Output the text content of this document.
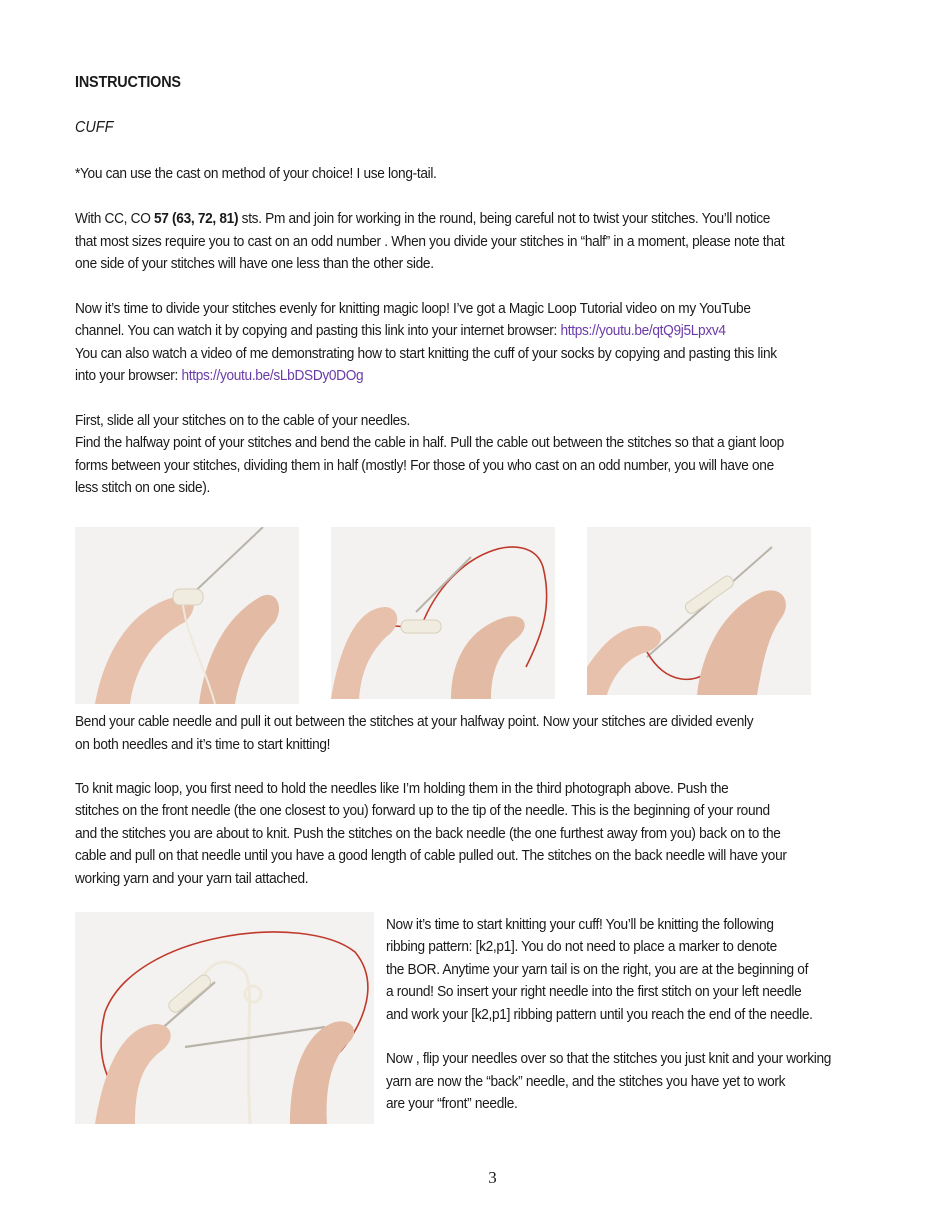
INSTRUCTIONS
CUFF
*You can use the cast on method of your choice! I use long-tail.
With CC, CO 57 (63, 72, 81) sts. Pm and join for working in the round, being careful not to twist your stitches. You’ll notice
that most sizes require you to cast on an odd number . When you divide your stitches in “half” in a moment, please note that
one side of your stitches will have one less than the other side.
Now it’s time to divide your stitches evenly for knitting magic loop! I’ve got a Magic Loop Tutorial video on my YouTube
channel. You can watch it by copying and pasting this link into your internet browser: https://youtu.be/qtQ9j5Lpxv4
You can also watch a video of me demonstrating how to start knitting the cuff of your socks by copying and pasting this link
into your browser: https://youtu.be/sLbDSDy0DOg
First, slide all your stitches on to the cable of your needles.
Find the halfway point of your stitches and bend the cable in half. Pull the cable out between the stitches so that a giant loop
forms between your stitches, dividing them in half (mostly! For those of you who cast on an odd number, you will have one
less stitch on one side).
Bend your cable needle and pull it out between the stitches at your halfway point. Now your stitches are divided evenly
on both needles and it’s time to start knitting!
To knit magic loop, you first need to hold the needles like I’m holding them in the third photograph above. Push the
stitches on the front needle (the one closest to you) forward up to the tip of the needle. This is the beginning of your round
and the stitches you are about to knit. Push the stitches on the back needle (the one furthest away from you) back on to the
cable and pull on that needle until you have a good length of cable pulled out. The stitches on the back needle will have your
working yarn and your yarn tail attached.
Now it’s time to start knitting your cuff! You’ll be knitting the following
ribbing pattern: [k2,p1]. You do not need to place a marker to denote
the BOR. Anytime your yarn tail is on the right, you are at the beginning of
a round! So insert your right needle into the first stitch on your left needle
and work your [k2,p1] ribbing pattern until you reach the end of the needle.
Now , flip your needles over so that the stitches you just knit and your working
yarn are now the “back” needle, and the stitches you have yet to work
are your “front” needle.
3
